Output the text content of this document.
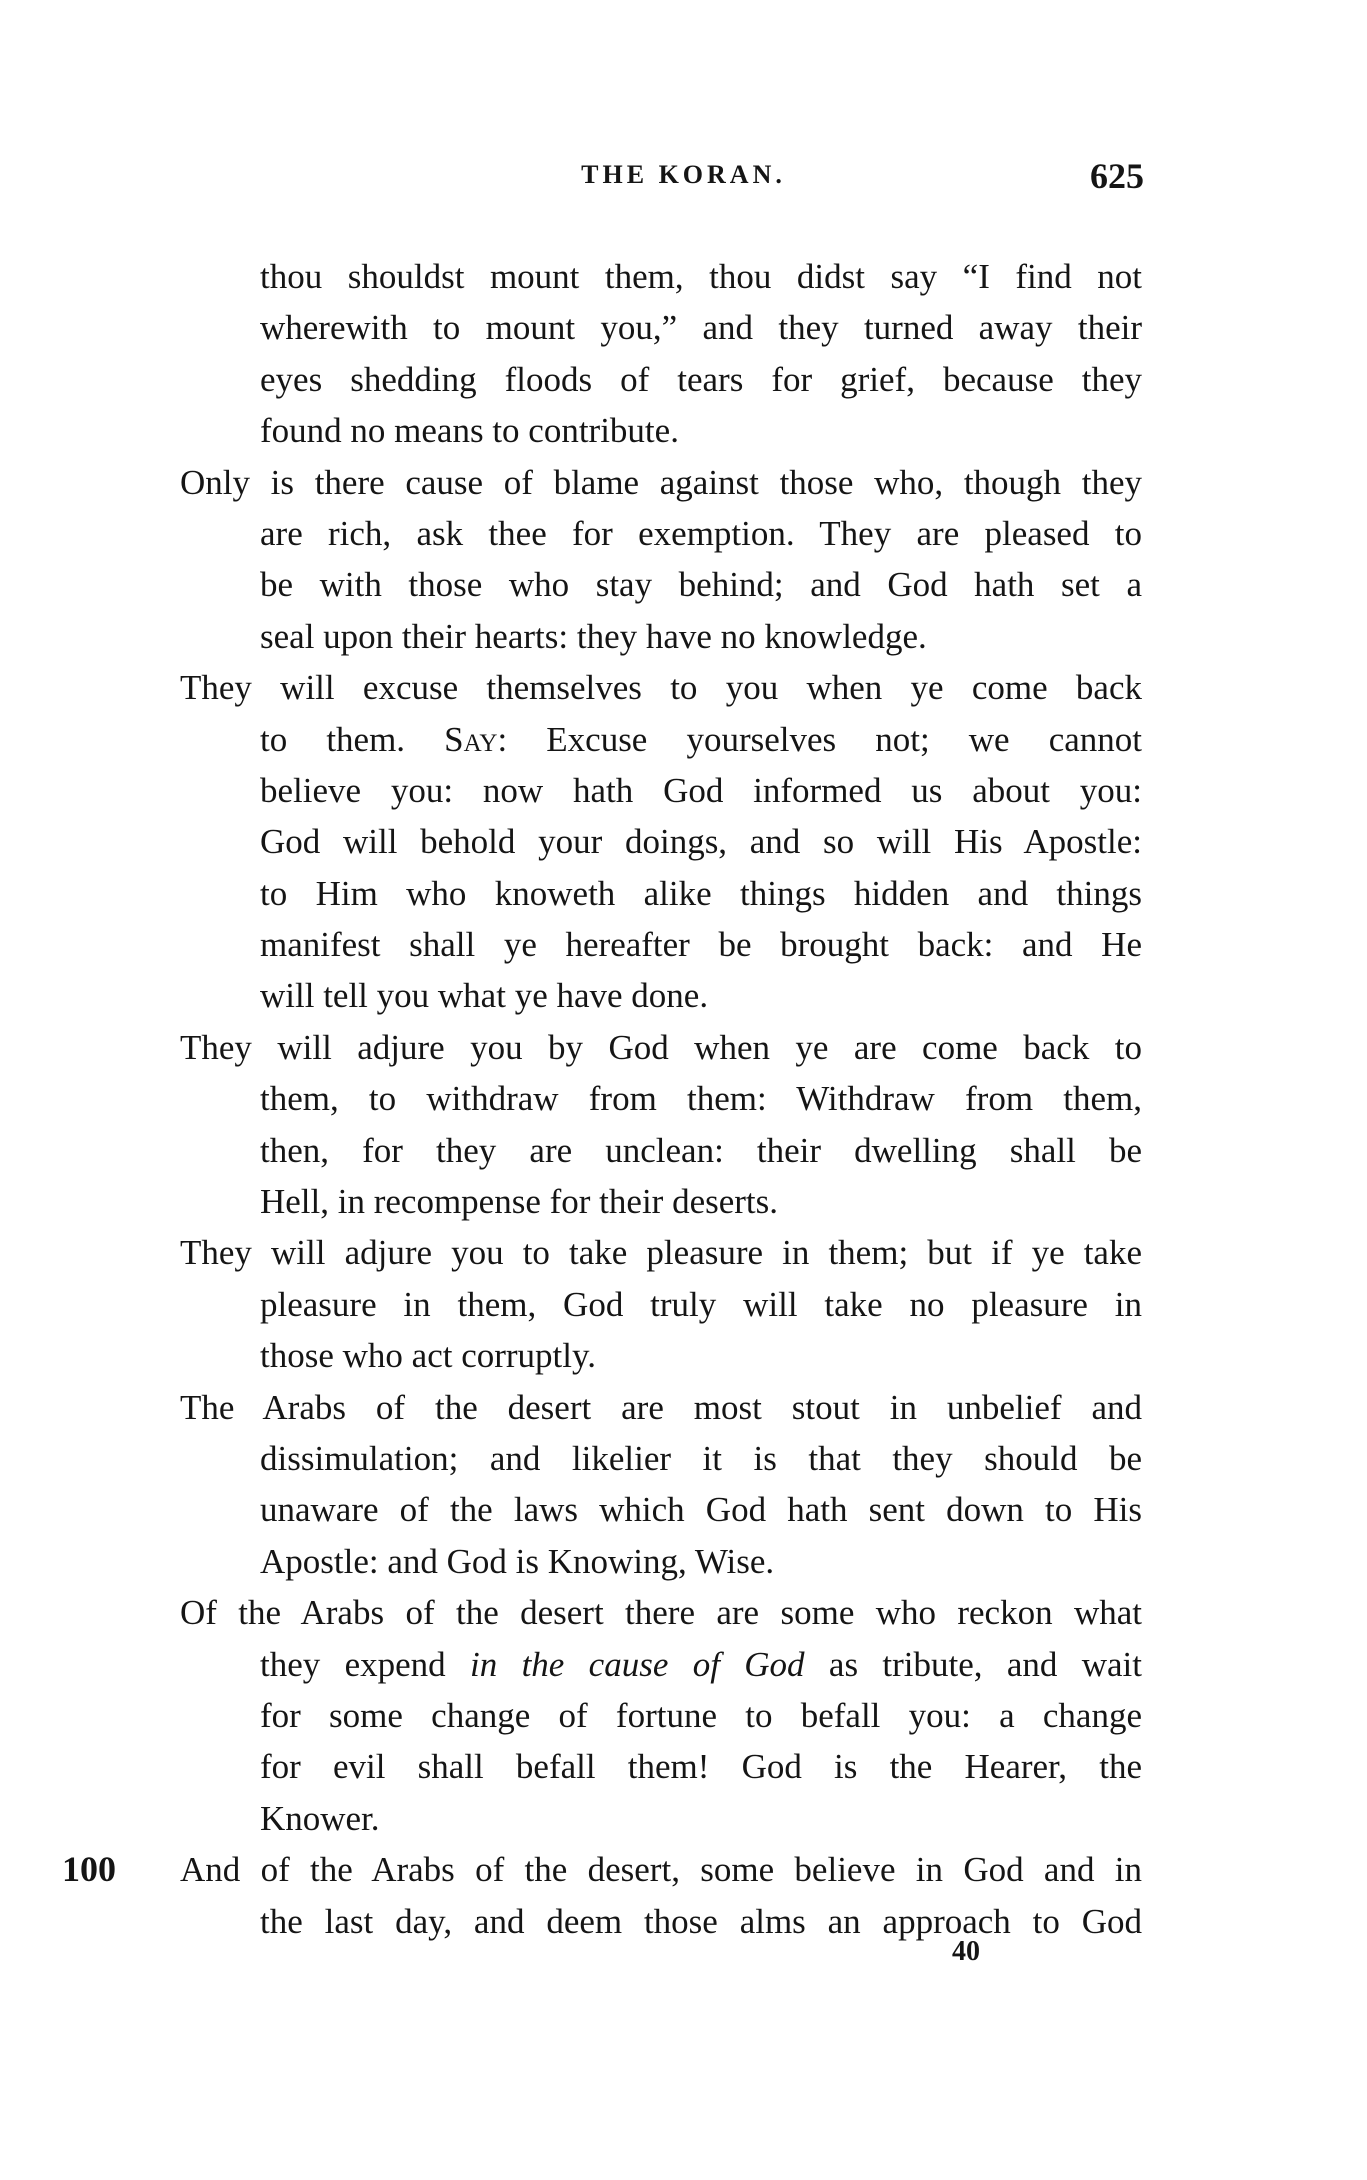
THE KORAN.	625
thou shouldst mount them, thou didst say “I find not
wherewith to mount you,” and they turned away their
eyes shedding floods of tears for grief, because they
found no means to contribute.
Only is there cause of blame against those who, though they
are rich, ask thee for exemption. They are pleased to
be with those who stay behind; and God hath set a
seal upon their hearts: they have no knowledge.
They will excuse themselves to you when ye come back
to them. Say: Excuse yourselves not; we cannot
believe you: now hath God informed us about you:
God will behold your doings, and so will His Apostle:
to Him who knoweth alike things hidden and things
manifest shall ye hereafter be brought back: and He
will tell you what ye have done.
They will adjure you by God when ye are come back to
them, to withdraw from them: Withdraw from them,
then, for they are unclean: their dwelling shall be
Hell, in recompense for their deserts.
They will adjure you to take pleasure in them; but if ye take
pleasure in them, God truly will take no pleasure in
those who act corruptly.
The Arabs of the desert are most stout in unbelief and
dissimulation; and likelier it is that they should be
unaware of the laws which God hath sent down to His
Apostle: and God is Knowing, Wise.
Of the Arabs of the desert there are some who reckon what
they expend in the cause of God as tribute, and wait
for some change of fortune to befall you: a change
for evil shall befall them! God is the Hearer, the
Knower.
100 And of the Arabs of the desert, some believe in God and in
the last day, and deem those alms an approach to God
40
